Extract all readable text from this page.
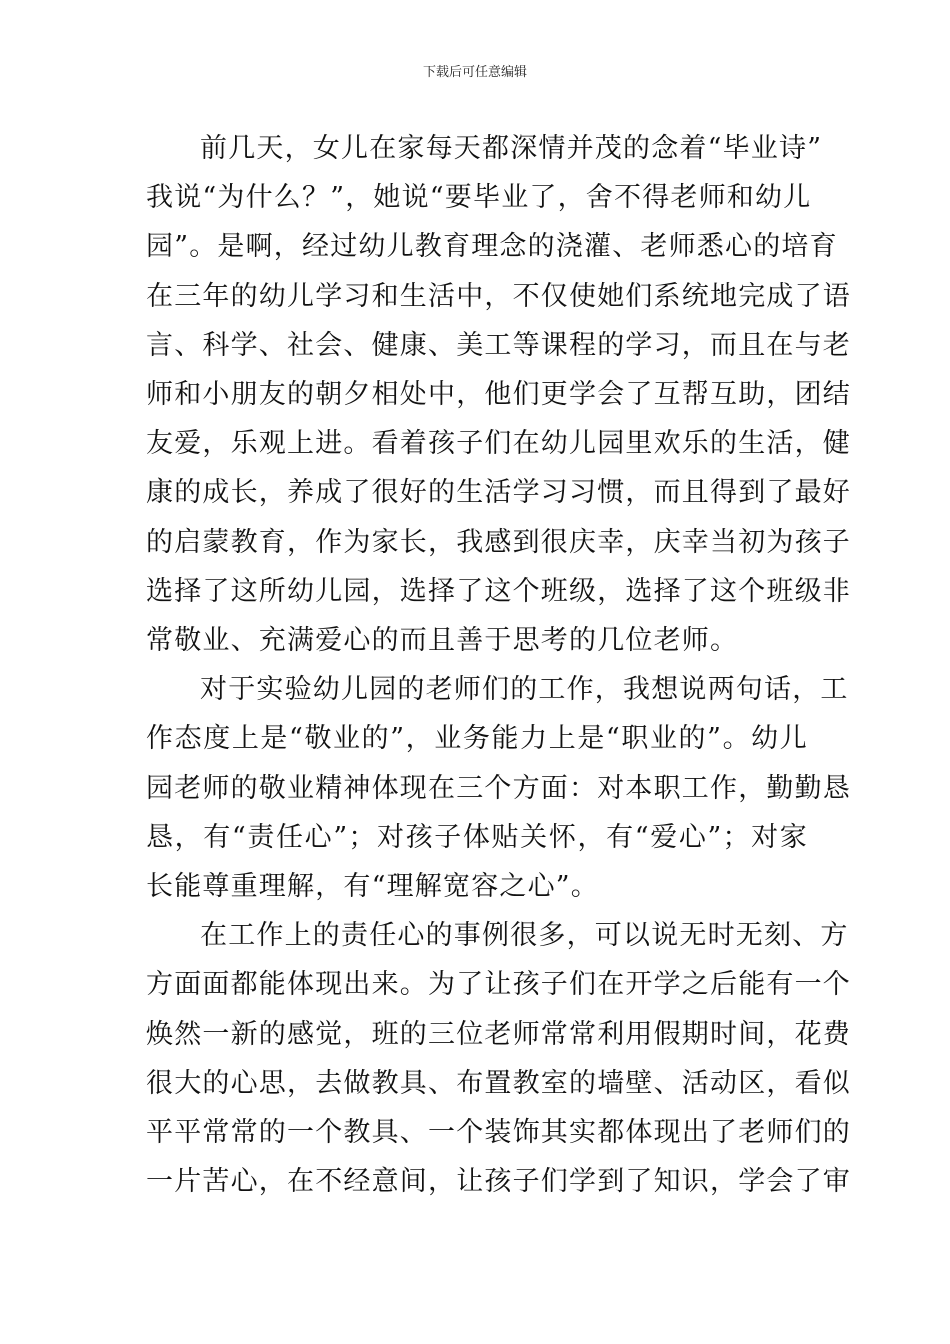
下载后可任意编辑
前几天，女儿在家每天都深情并茂的念着“毕业诗”
我说“为什么？”，她说“要毕业了，舍不得老师和幼儿
园”。是啊，经过幼儿教育理念的浇灌、老师悉心的培育
在三年的幼儿学习和生活中，不仅使她们系统地完成了语
言、科学、社会、健康、美工等课程的学习，而且在与老
师和小朋友的朝夕相处中，他们更学会了互帮互助，团结
友爱，乐观上进。看着孩子们在幼儿园里欢乐的生活，健
康的成长，养成了很好的生活学习习惯，而且得到了最好
的启蒙教育，作为家长，我感到很庆幸，庆幸当初为孩子
选择了这所幼儿园，选择了这个班级，选择了这个班级非
常敬业、充满爱心的而且善于思考的几位老师。
对于实验幼儿园的老师们的工作，我想说两句话，工
作态度上是“敬业的”，业务能力上是“职业的”。幼儿
园老师的敬业精神体现在三个方面：对本职工作，勤勤恳
恳，有“责任心”；对孩子体贴关怀，有“爱心”；对家
长能尊重理解，有“理解宽容之心”。
在工作上的责任心的事例很多，可以说无时无刻、方
方面面都能体现出来。为了让孩子们在开学之后能有一个
焕然一新的感觉，班的三位老师常常利用假期时间，花费
很大的心思，去做教具、布置教室的墙壁、活动区，看似
平平常常的一个教具、一个装饰其实都体现出了老师们的
一片苦心，在不经意间，让孩子们学到了知识，学会了审
